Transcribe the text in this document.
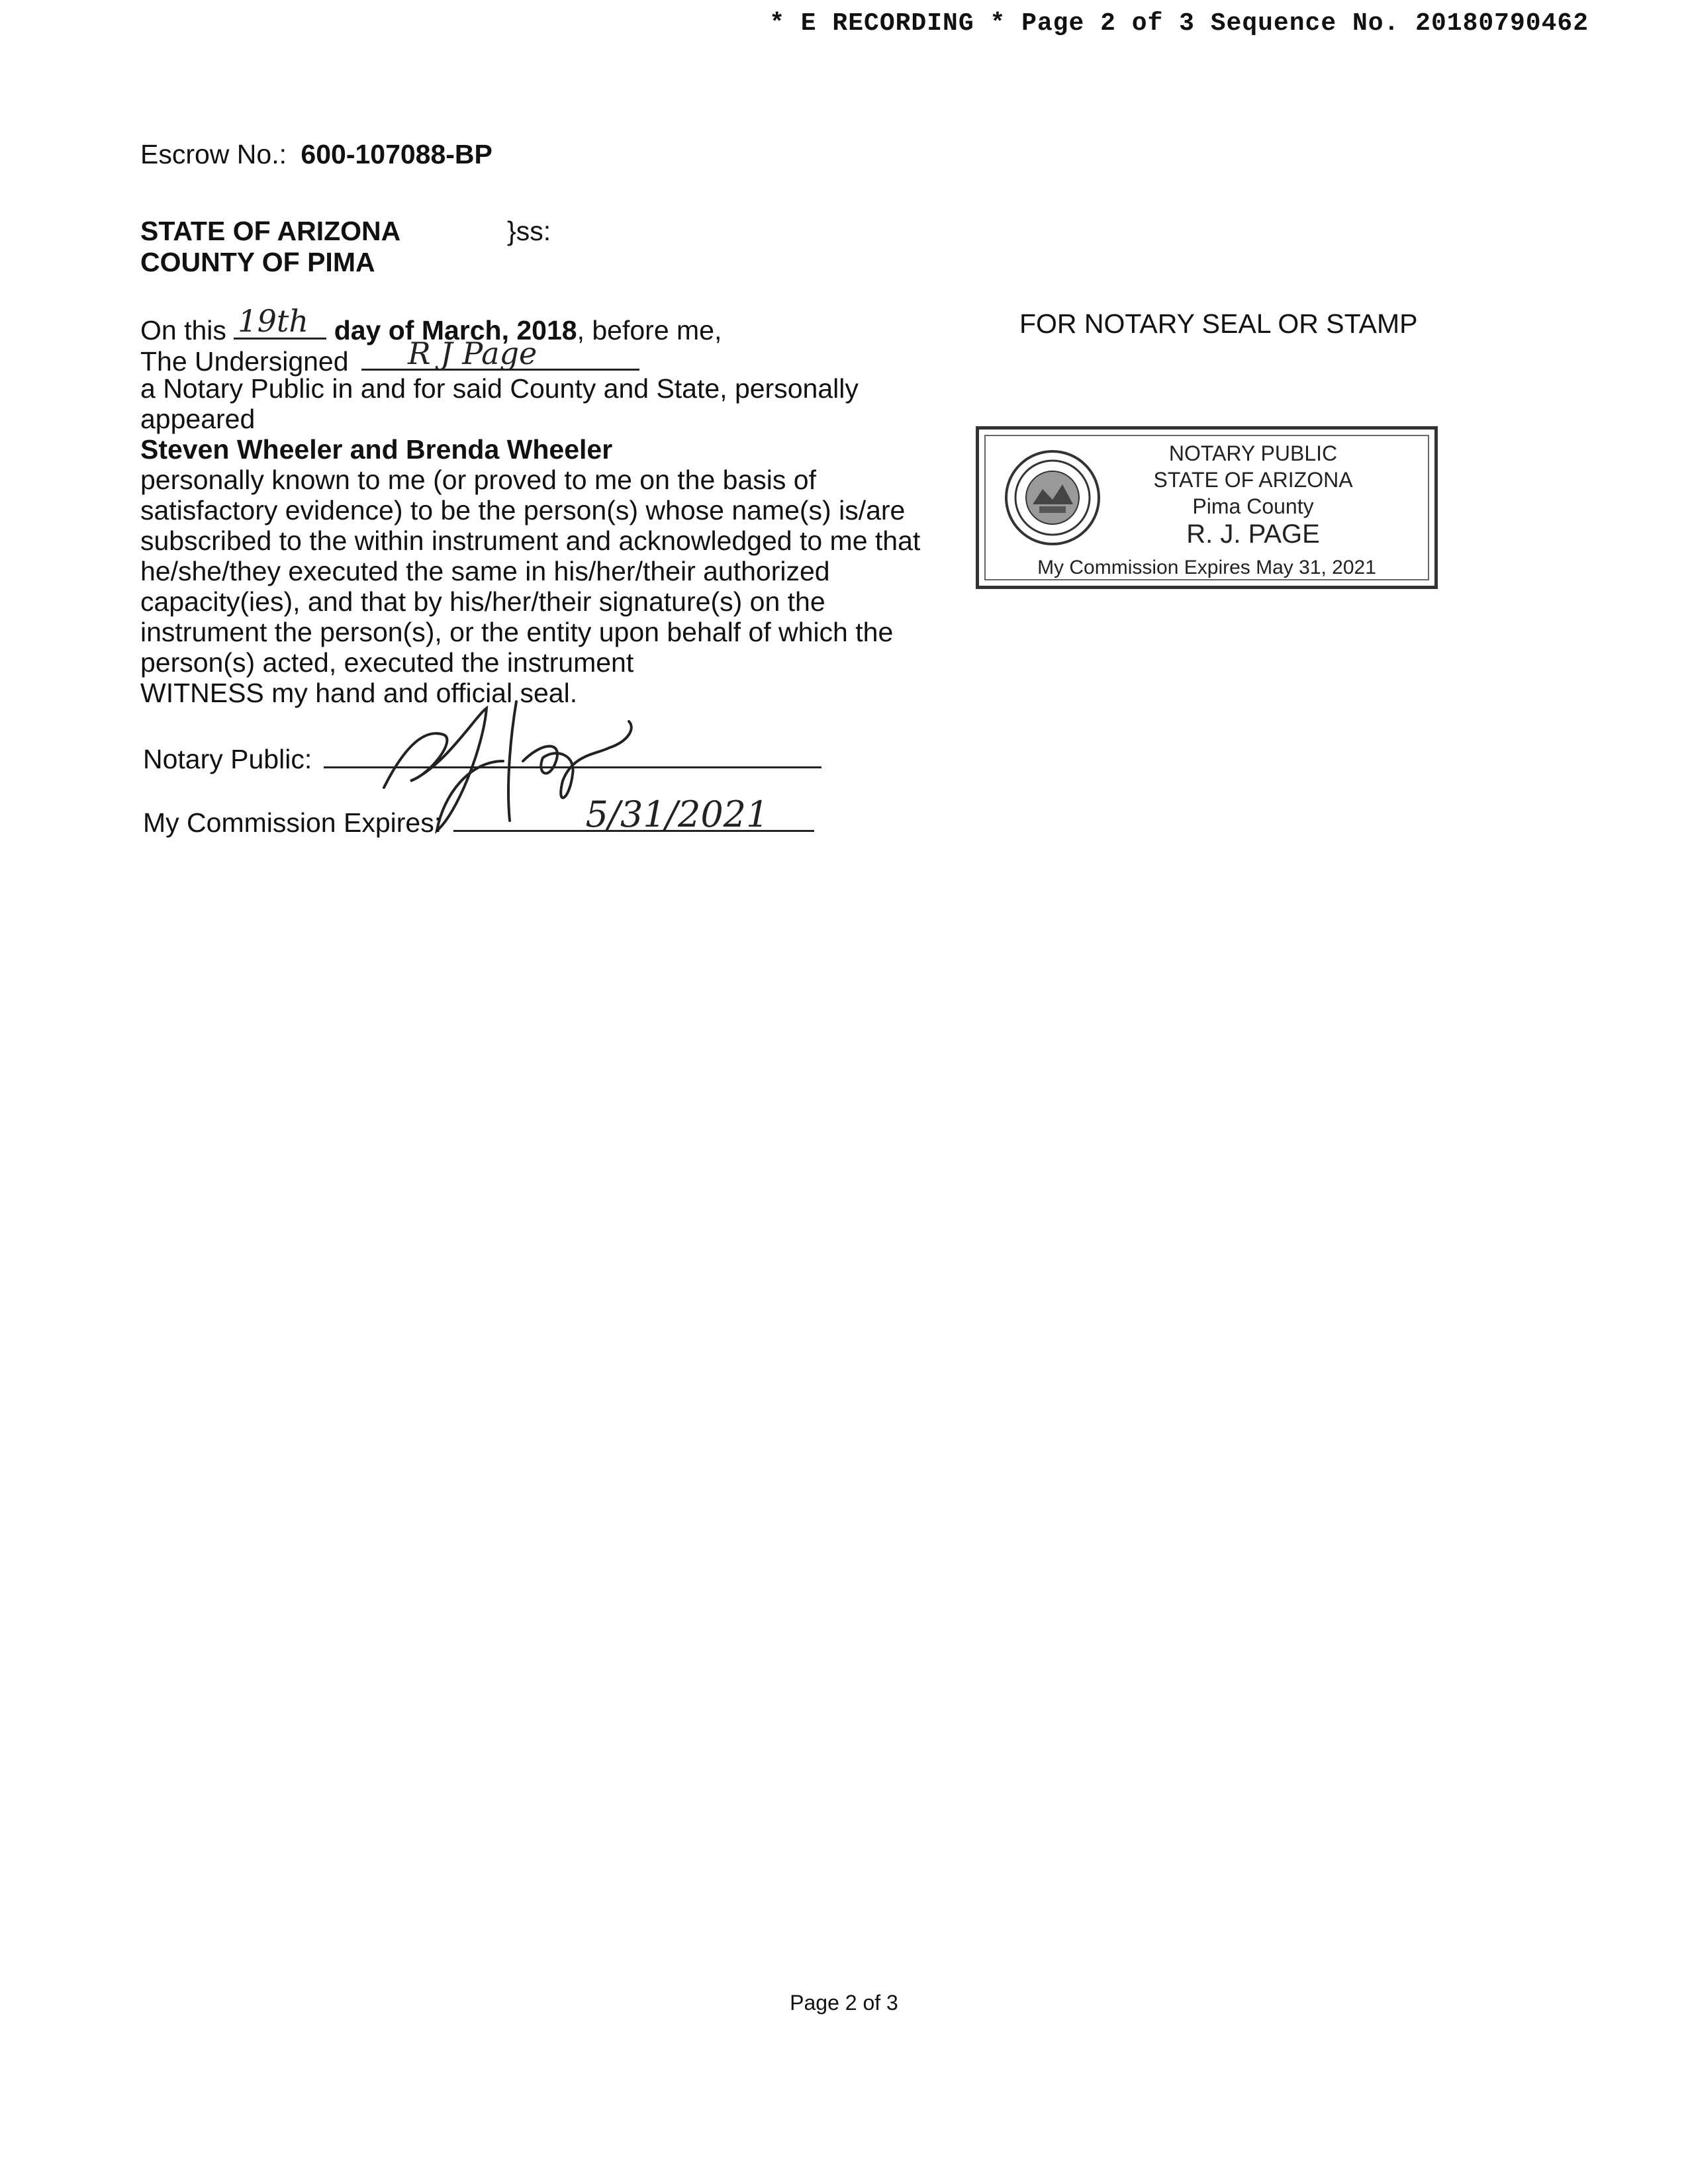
* E RECORDING * Page 2 of 3 Sequence No. 20180790462
Escrow No.: 600-107088-BP
STATE OF ARIZONA	}ss:
COUNTY OF PIMA
On this 19th day of March, 2018, before me,
The Undersigned R J Page
a Notary Public in and for said County and State, personally
appeared
Steven Wheeler and Brenda Wheeler
personally known to me (or proved to me on the basis of
satisfactory evidence) to be the person(s) whose name(s) is/are
subscribed to the within instrument and acknowledged to me that
he/she/they executed the same in his/her/their authorized
capacity(ies), and that by his/her/their signature(s) on the
instrument the person(s), or the entity upon behalf of which the
person(s) acted, executed the instrument
WITNESS my hand and official seal.
Notary Public:
My Commission Expires:	5/31/2021
FOR NOTARY SEAL OR STAMP
NOTARY PUBLIC
STATE OF ARIZONA
Pima County
R. J. PAGE
My Commission Expires May 31, 2021
Page 2 of 3
